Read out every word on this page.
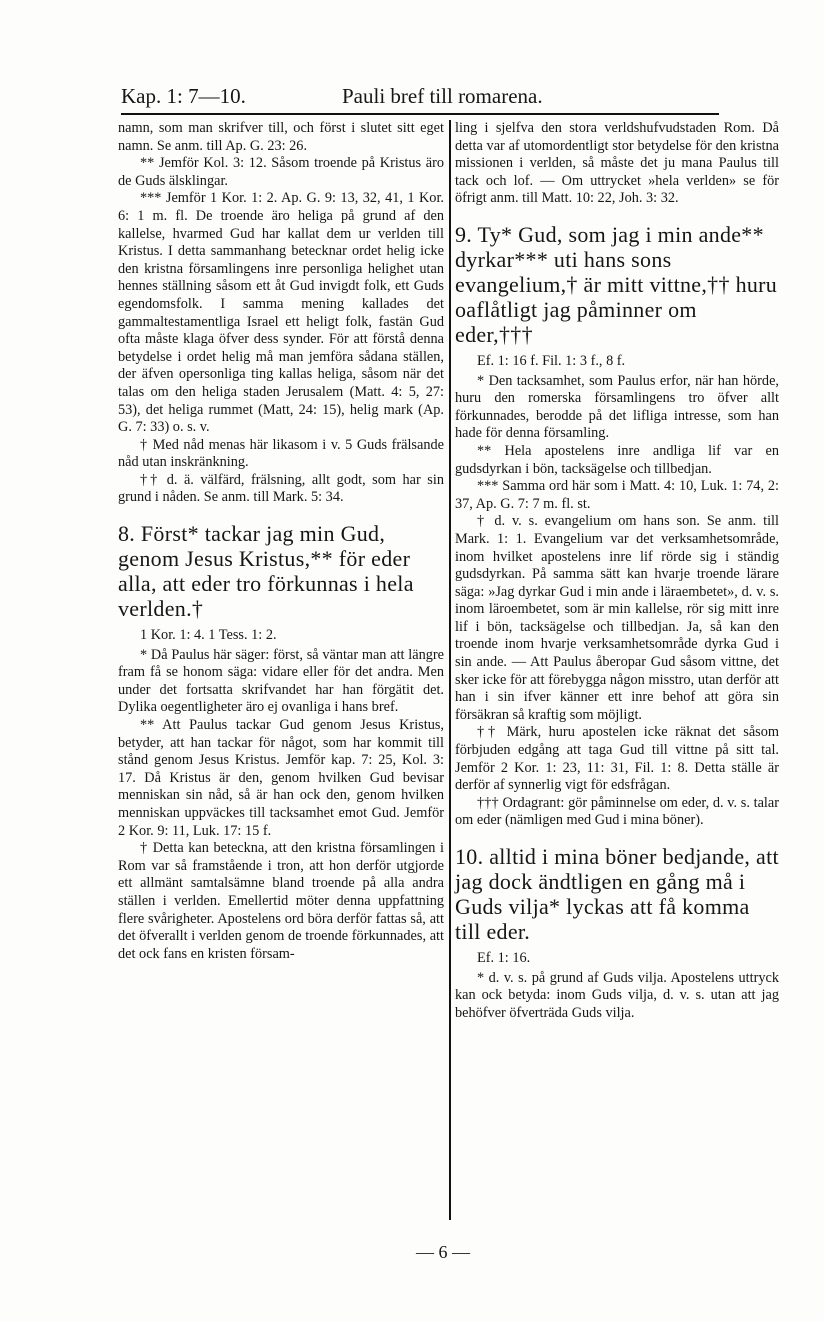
Kap. 1: 7—10.	Pauli bref till romarena.

namn, som man skrifver till, och först i slutet sitt eget namn. Se anm. till Ap. G. 23: 26.

** Jemför Kol. 3: 12. Såsom troende på Kristus äro de Guds älsklingar.

*** Jemför 1 Kor. 1: 2. Ap. G. 9: 13, 32, 41, 1 Kor. 6: 1 m. fl. De troende äro heliga på grund af den kallelse, hvarmed Gud har kallat dem ur verlden till Kristus. I detta sammanhang betecknar ordet helig icke den kristna församlingens inre personliga helighet utan hennes ställning såsom ett åt Gud invigdt folk, ett Guds egendomsfolk. I samma mening kallades det gammaltestamentliga Israel ett heligt folk, fastän Gud ofta måste klaga öfver dess synder. För att förstå denna betydelse i ordet helig må man jemföra sådana ställen, der äfven opersonliga ting kallas heliga, såsom när det talas om den heliga staden Jerusalem (Matt. 4: 5, 27: 53), det heliga rummet (Matt, 24: 15), helig mark (Ap. G. 7: 33) o. s. v.

† Med nåd menas här likasom i v. 5 Guds frälsande nåd utan inskränkning.

†† d. ä. välfärd, frälsning, allt godt, som har sin grund i nåden. Se anm. till Mark. 5: 34.

8. Först* tackar jag min Gud, genom Jesus Kristus,** för eder alla, att eder tro förkunnas i hela verlden.†

1 Kor. 1: 4. 1 Tess. 1: 2.

* Då Paulus här säger: först, så väntar man att längre fram få se honom säga: vidare eller för det andra. Men under det fortsatta skrifvandet har han förgätit det. Dylika oegentligheter äro ej ovanliga i hans bref.

** Att Paulus tackar Gud genom Jesus Kristus, betyder, att han tackar för något, som har kommit till stånd genom Jesus Kristus. Jemför kap. 7: 25, Kol. 3: 17. Då Kristus är den, genom hvilken Gud bevisar menniskan sin nåd, så är han ock den, genom hvilken menniskan uppväckes till tacksamhet emot Gud. Jemför 2 Kor. 9: 11, Luk. 17: 15 f.

† Detta kan beteckna, att den kristna församlingen i Rom var så framstående i tron, att hon derför utgjorde ett allmänt samtalsämne bland troende på alla andra ställen i verlden. Emellertid möter denna uppfattning flere svårigheter. Apostelens ord böra derför fattas så, att det öfverallt i verlden genom de troende förkunnades, att det ock fans en kristen försam-

ling i sjelfva den stora verldshufvudstaden Rom. Då detta var af utomordentligt stor betydelse för den kristna missionen i verlden, så måste det ju mana Paulus till tack och lof. — Om uttrycket »hela verlden» se för öfrigt anm. till Matt. 10: 22, Joh. 3: 32.

9. Ty* Gud, som jag i min ande** dyrkar*** uti hans sons evangelium,† är mitt vittne,†† huru oaflåtligt jag påminner om eder,†††

Ef. 1: 16 f. Fil. 1: 3 f., 8 f.

* Den tacksamhet, som Paulus erfor, när han hörde, huru den romerska församlingens tro öfver allt förkunnades, berodde på det lifliga intresse, som han hade för denna församling.

** Hela apostelens inre andliga lif var en gudsdyrkan i bön, tacksägelse och tillbedjan.

*** Samma ord här som i Matt. 4: 10, Luk. 1: 74, 2: 37, Ap. G. 7: 7 m. fl. st.

† d. v. s. evangelium om hans son. Se anm. till Mark. 1: 1. Evangelium var det verksamhetsområde, inom hvilket apostelens inre lif rörde sig i ständig gudsdyrkan. På samma sätt kan hvarje troende lärare säga: »Jag dyrkar Gud i min ande i läraembetet», d. v. s. inom läroembetet, som är min kallelse, rör sig mitt inre lif i bön, tacksägelse och tillbedjan. Ja, så kan den troende inom hvarje verksamhetsområde dyrka Gud i sin ande. — Att Paulus åberopar Gud såsom vittne, det sker icke för att förebygga någon misstro, utan derför att han i sin ifver känner ett inre behof att göra sin försäkran så kraftig som möjligt.

†† Märk, huru apostelen icke räknat det såsom förbjuden edgång att taga Gud till vittne på sitt tal. Jemför 2 Kor. 1: 23, 11: 31, Fil. 1: 8. Detta ställe är derför af synnerlig vigt för edsfrågan.

††† Ordagrant: gör påminnelse om eder, d. v. s. talar om eder (nämligen med Gud i mina böner).

10. alltid i mina böner bedjande, att jag dock ändtligen en gång må i Guds vilja* lyckas att få komma till eder.

Ef. 1: 16.

* d. v. s. på grund af Guds vilja. Apostelens uttryck kan ock betyda: inom Guds vilja, d. v. s. utan att jag behöfver öfverträda Guds vilja.

— 6 —
